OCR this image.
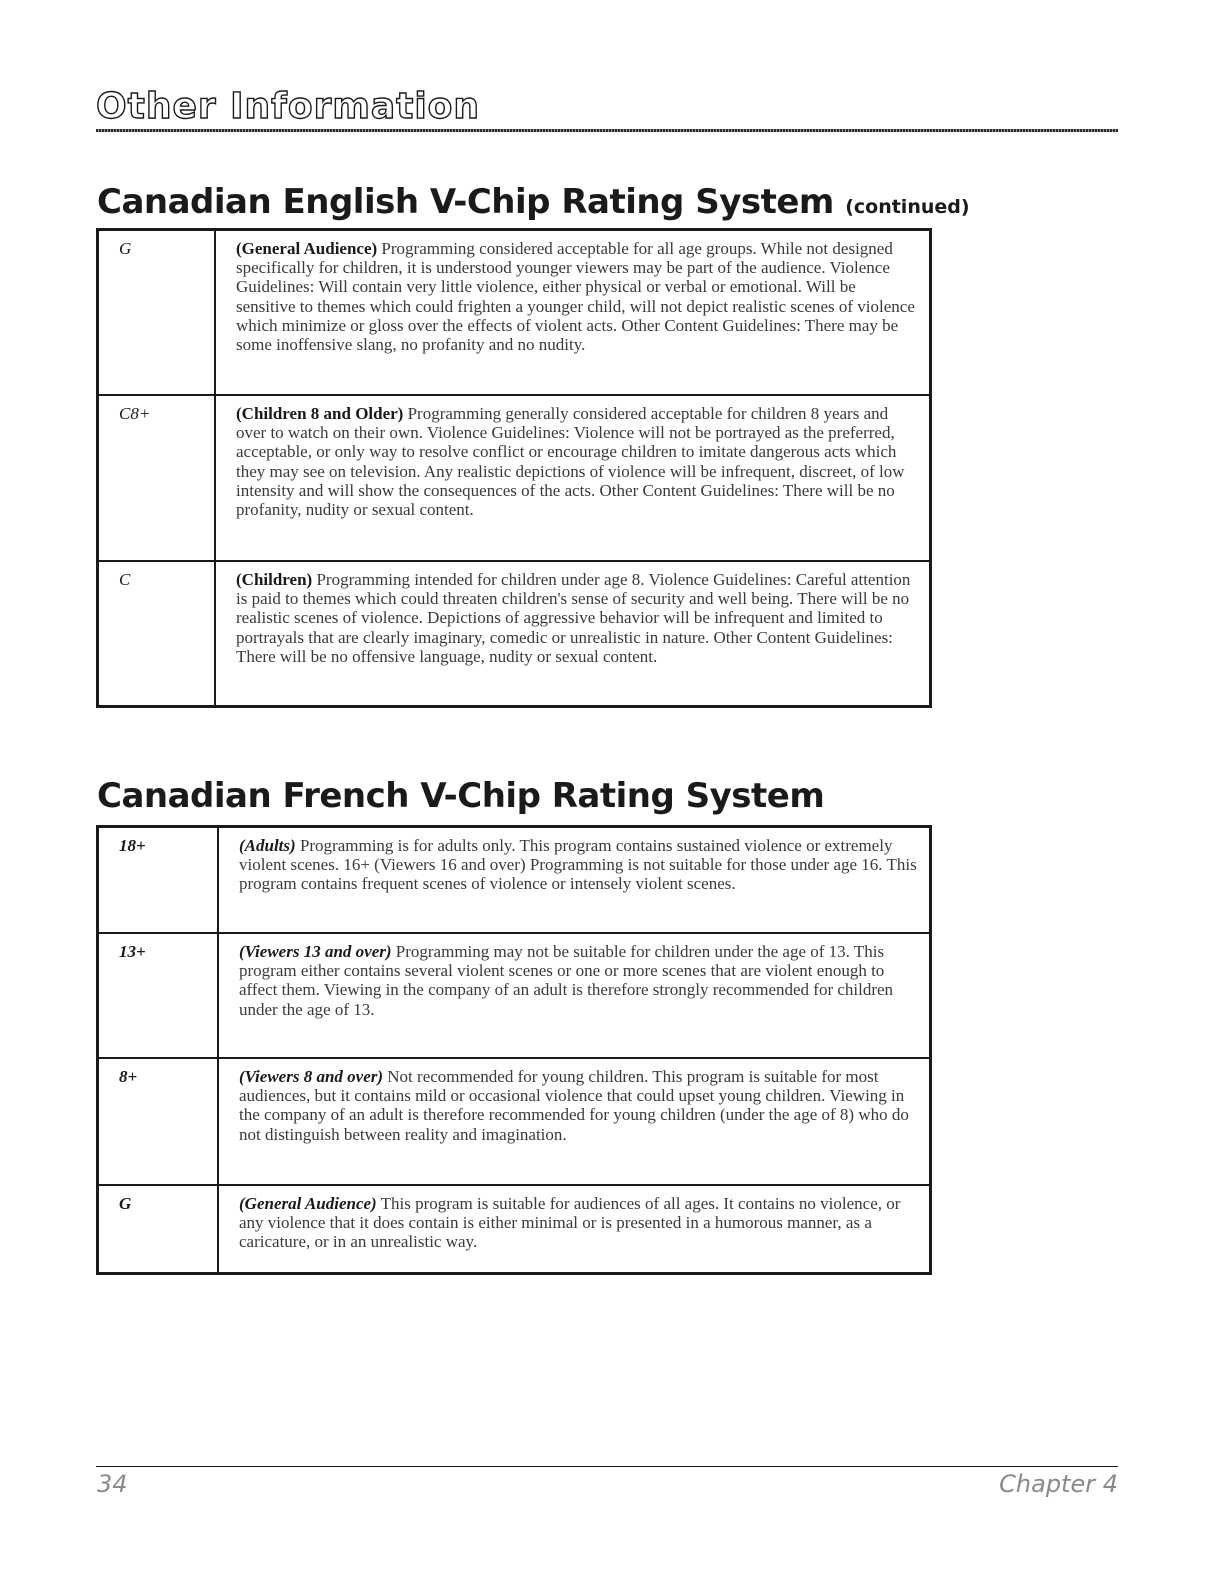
Other Information
Canadian English V-Chip Rating System (continued)
G	(General Audience) Programming considered acceptable for all age groups. While not designed specifically for children, it is understood younger viewers may be part of the audience. Violence Guidelines: Will contain very little violence, either physical or verbal or emotional. Will be sensitive to themes which could frighten a younger child, will not depict realistic scenes of violence which minimize or gloss over the effects of violent acts. Other Content Guidelines: There may be some inoffensive slang, no profanity and no nudity.
C8+	(Children 8 and Older) Programming generally considered acceptable for children 8 years and over to watch on their own. Violence Guidelines: Violence will not be portrayed as the preferred, acceptable, or only way to resolve conflict or encourage children to imitate dangerous acts which they may see on television. Any realistic depictions of violence will be infrequent, discreet, of low intensity and will show the consequences of the acts. Other Content Guidelines: There will be no profanity, nudity or sexual content.
C	(Children) Programming intended for children under age 8. Violence Guidelines: Careful attention is paid to themes which could threaten children's sense of security and well being. There will be no realistic scenes of violence. Depictions of aggressive behavior will be infrequent and limited to portrayals that are clearly imaginary, comedic or unrealistic in nature. Other Content Guidelines: There will be no offensive language, nudity or sexual content.
Canadian French V-Chip Rating System
18+	(Adults) Programming is for adults only. This program contains sustained violence or extremely violent scenes. 16+ (Viewers 16 and over) Programming is not suitable for those under age 16. This program contains frequent scenes of violence or intensely violent scenes.
13+	(Viewers 13 and over) Programming may not be suitable for children under the age of 13. This program either contains several violent scenes or one or more scenes that are violent enough to affect them. Viewing in the company of an adult is therefore strongly recommended for children under the age of 13.
8+	(Viewers 8 and over) Not recommended for young children. This program is suitable for most audiences, but it contains mild or occasional violence that could upset young children. Viewing in the company of an adult is therefore recommended for young children (under the age of 8) who do not distinguish between reality and imagination.
G	(General Audience) This program is suitable for audiences of all ages. It contains no violence, or any violence that it does contain is either minimal or is presented in a humorous manner, as a caricature, or in an unrealistic way.
34	Chapter 4
